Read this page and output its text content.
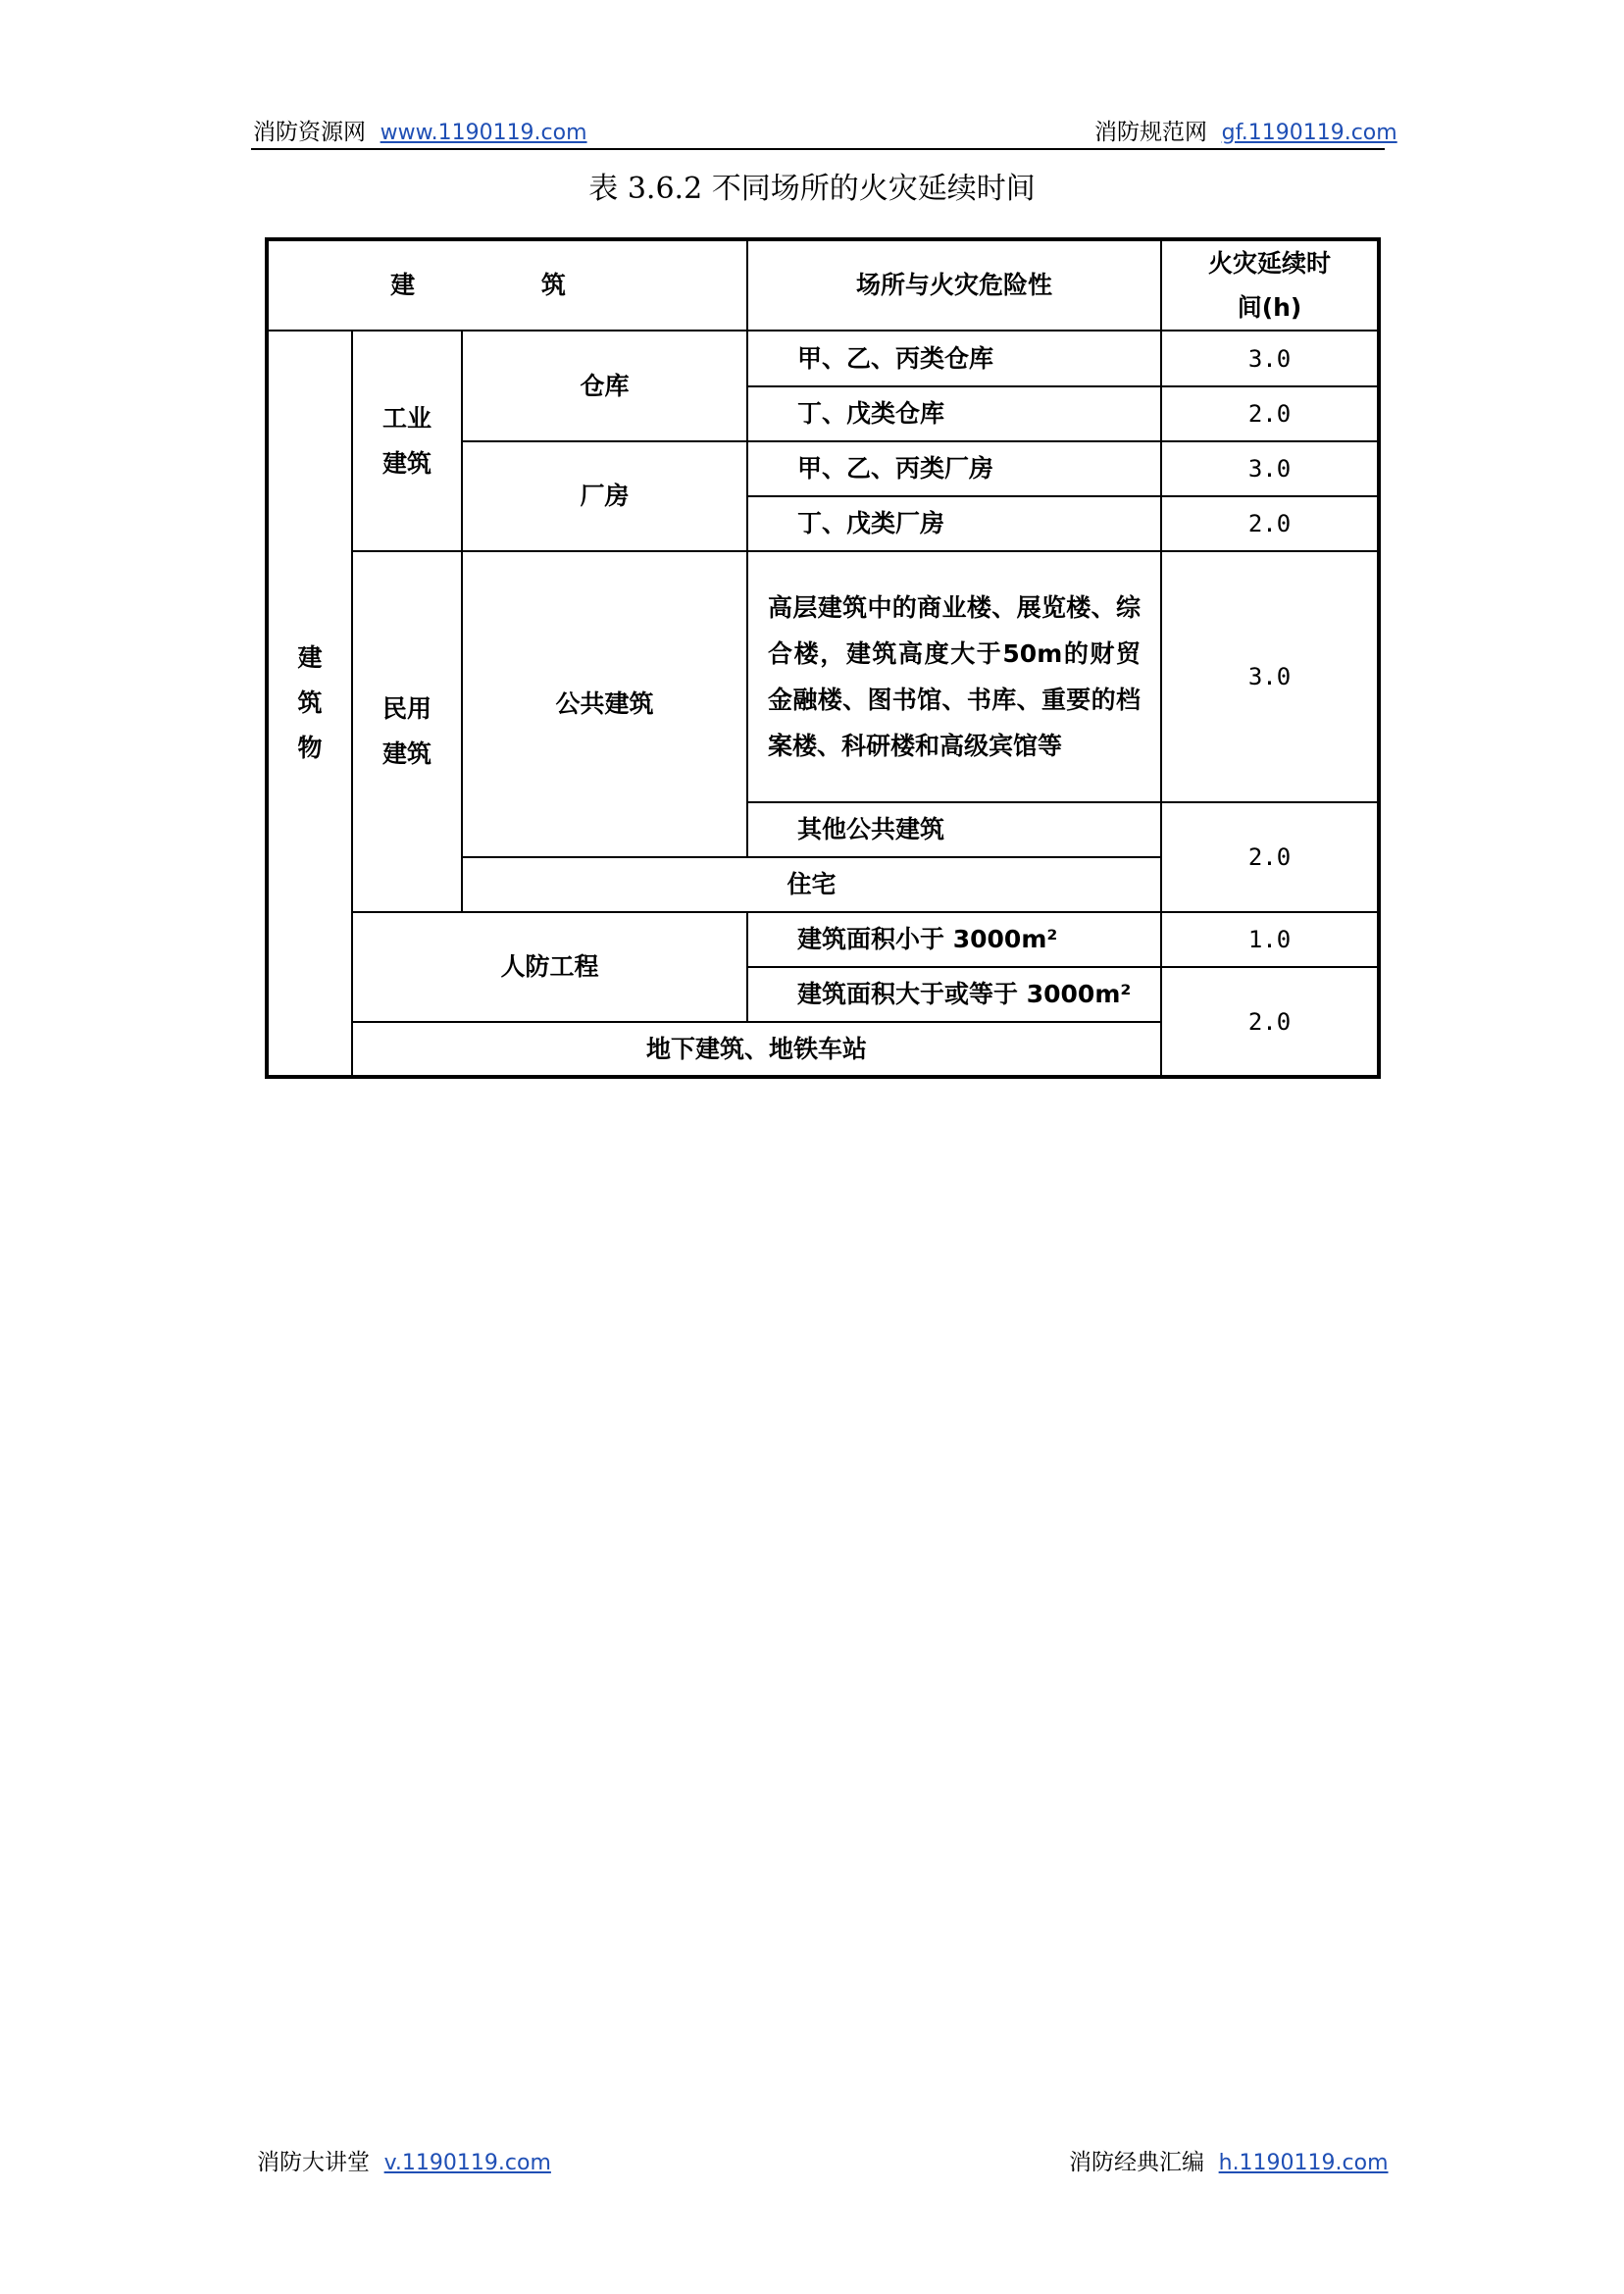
消防资源网 www.1190119.com	消防规范网 gf.1190119.com
表 3.6.2 不同场所的火灾延续时间
建 筑			场所与火灾危险性	火灾延续时间(h)
建筑物	工业建筑	仓库	甲、乙、丙类仓库	3.0
			丁、戊类仓库	2.0
		厂房	甲、乙、丙类厂房	3.0
			丁、戊类厂房	2.0
	民用建筑	公共建筑	高层建筑中的商业楼、展览楼、综合楼，建筑高度大于50m的财贸金融楼、图书馆、书库、重要的档案楼、科研楼和高级宾馆等	3.0
			其他公共建筑	2.0
		住宅		
	人防工程		建筑面积小于 3000m²	1.0
			建筑面积大于或等于 3000m²	2.0
	地下建筑、地铁车站			
消防大讲堂 v.1190119.com	消防经典汇编 h.1190119.com
